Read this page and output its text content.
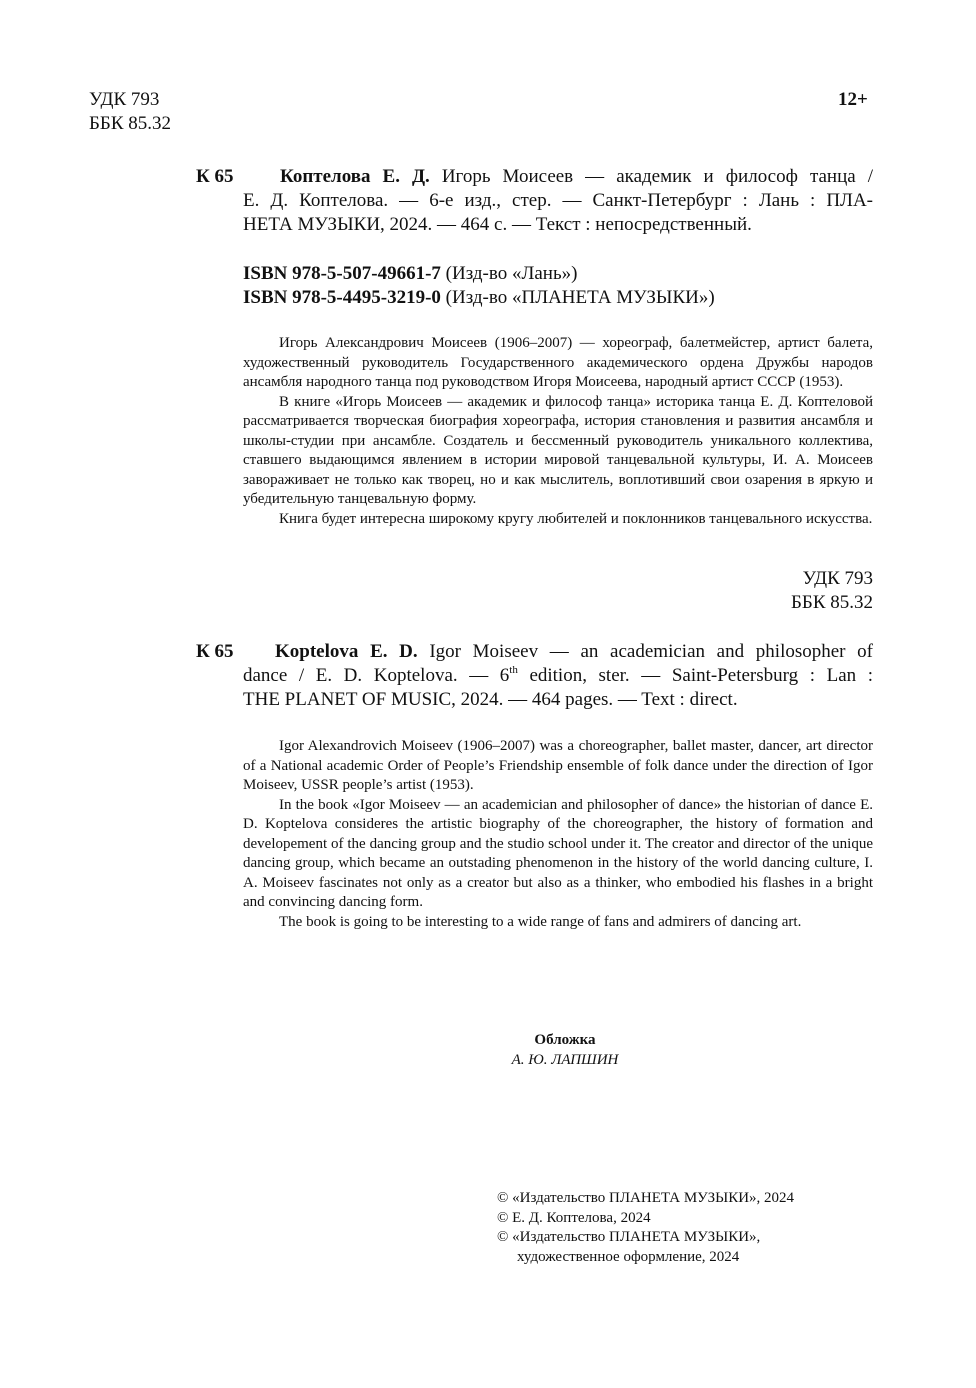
УДК 793
ББК 85.32
12+
К 65 Коптелова Е. Д. Игорь Моисеев — академик и философ танца /
Е. Д. Коптелова. — 6-е изд., стер. — Санкт-Петербург : Лань : ПЛА-
НЕТА МУЗЫКИ, 2024. — 464 с. — Текст : непосредственный.
ISBN 978-5-507-49661-7 (Изд-во «Лань»)
ISBN 978-5-4495-3219-0 (Изд-во «ПЛАНЕТА МУЗЫКИ»)

Игорь Александрович Моисеев (1906–2007) — хореограф, балетмейстер, артист балета, художественный руководитель Государственного академического ордена Дружбы народов ансамбля народного танца под руководством Игоря Моисеева, народный артист СССР (1953).

В книге «Игорь Моисеев — академик и философ танца» историка танца Е. Д. Коптеловой рассматривается творческая биография хореографа, история становления и развития ансамбля и школы-студии при ансамбле. Создатель и бессменный руководитель уникального коллектива, ставшего выдающимся явлением в истории мировой танцевальной культуры, И. А. Моисеев завораживает не только как творец, но и как мыслитель, воплотивший свои озарения в яркую и убедительную танцевальную форму.

Книга будет интересна широкому кругу любителей и поклонников танцевального искусства.

УДК 793
ББК 85.32
К 65 Koptelova E. D. Igor Moiseev — an academician and philosopher of
dance / E. D. Koptelova. — 6th edition, ster. — Saint-Petersburg : Lan :
THE PLANET OF MUSIC, 2024. — 464 pages. — Text : direct.

Igor Alexandrovich Moiseev (1906–2007) was a choreographer, ballet master, dancer, art director of a National academic Order of People’s Friendship ensemble of folk dance under the direction of Igor Moiseev, USSR people’s artist (1953).

In the book «Igor Moiseev — an academician and philosopher of dance» the historian of dance E. D. Koptelova consideres the artistic biography of the choreographer, the history of formation and developement of the dancing group and the studio school under it. The creator and director of the unique dancing group, which became an outstading phenomenon in the history of the world dancing culture, I. A. Moiseev fascinates not only as a creator but also as a thinker, who embodied his flashes in a bright and convincing dancing form.

The book is going to be interesting to a wide range of fans and admirers of dancing art.

Обложка
А. Ю. ЛАПШИН
© «Издательство ПЛАНЕТА МУЗЫКИ», 2024
© Е. Д. Коптелова, 2024
© «Издательство ПЛАНЕТА МУЗЫКИ»,
художественное оформление, 2024
